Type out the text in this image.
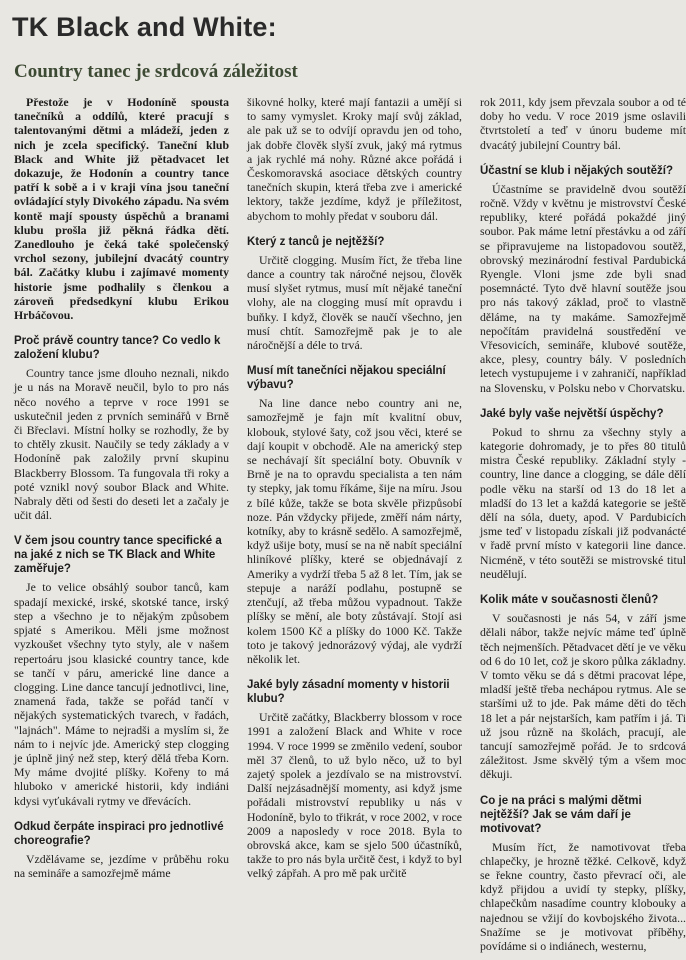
TK Black and White:
Country tanec je srdcová záležitost

Přestože je v Hodoníně spousta tanečníků a oddílů, které pracují s talentovanými dětmi a mládeží, jeden z nich je zcela specifický. Taneční klub Black and White již pětadvacet let dokazuje, že Hodonín a country tance patří k sobě a i v kraji vína jsou taneční ovládající styly Divokého západu. Na svém kontě mají spousty úspěchů a branami klubu prošla již pěkná řádka dětí. Zanedlouho je čeká také společenský vrchol sezony, jubilejní dvacátý country bál. Začátky klubu i zajímavé momenty historie jsme podhalily s členkou a zároveň předsedkyní klubu Erikou Hrbáčovou.

Proč právě country tance? Co vedlo k založení klubu?

Country tance jsme dlouho neznali, nikdo je u nás na Moravě neučil, bylo to pro nás něco nového a teprve v roce 1991 se uskutečnil jeden z prvních seminářů v Brně či Břeclavi. Místní holky se rozhodly, že by to chtěly zkusit. Naučily se tedy základy a v Hodoníně pak založily první skupinu Blackberry Blossom. Ta fungovala tři roky a poté vznikl nový soubor Black and White. Nabraly děti od šesti do deseti let a začaly je učit dál.

V čem jsou country tance specifické a na jaké z nich se TK Black and White zaměřuje?

Je to velice obsáhlý soubor tanců, kam spadají mexické, irské, skotské tance, irský step a všechno je to nějakým způsobem spjaté s Amerikou. Měli jsme možnost vyzkoušet všechny tyto styly, ale v našem repertoáru jsou klasické country tance, kde se tančí v páru, americké line dance a clogging. Line dance tancují jednotlivci, line, znamená řada, takže se pořád tančí v nějakých systematických tvarech, v řadách, "lajnách". Máme to nejradši a myslím si, že nám to i nejvíc jde. Americký step clogging je úplně jiný než step, který dělá třeba Korn. My máme dvojité plíšky. Kořeny to má hluboko v americké historii, kdy indiáni kdysi vyťukávali rytmy ve dřevácích.

Odkud čerpáte inspiraci pro jednotlivé choreografie?

Vzdělávame se, jezdíme v průběhu roku na semináře a samozřejmě máme

šikovné holky, které mají fantazii a umějí si to samy vymyslet. Kroky mají svůj základ, ale pak už se to odvíjí opravdu jen od toho, jak dobře člověk slyší zvuk, jaký má rytmus a jak rychlé má nohy. Různé akce pořádá i Českomoravská asociace dětských country tanečních skupin, která třeba zve i americké lektory, takže jezdíme, když je příležitost, abychom to mohly předat v souboru dál.

Který z tanců je nejtěžší?

Určitě clogging. Musím říct, že třeba line dance a country tak náročné nejsou, člověk musí slyšet rytmus, musí mít nějaké taneční vlohy, ale na clogging musí mít opravdu i buňky. I když, člověk se naučí všechno, jen musí chtít. Samozřejmě pak je to ale náročnější a déle to trvá.

Musí mít tanečníci nějakou speciální výbavu?

Na line dance nebo country ani ne, samozřejmě je fajn mít kvalitní obuv, klobouk, stylové šaty, což jsou věci, které se dají koupit v obchodě. Ale na americký step se nechávají šít speciální boty. Obuvník v Brně je na to opravdu specialista a ten nám ty stepky, jak tomu říkáme, šije na míru. Jsou z bílé kůže, takže se bota skvěle přizpůsobí noze. Pán vždycky přijede, změří nám nárty, kotníky, aby to krásně sedělo. A samozřejmě, když ušije boty, musí se na ně nabít speciální hliníkové plíšky, které se objednávají z Ameriky a vydrží třeba 5 až 8 let. Tím, jak se stepuje a naráží podlahu, postupně se ztenčují, až třeba můžou vypadnout. Takže plíšky se mění, ale boty zůstávají. Stojí asi kolem 1500 Kč a plíšky do 1000 Kč. Takže toto je takový jednorázový výdaj, ale vydrží několik let.

Jaké byly zásadní momenty v historii klubu?

Určitě začátky, Blackberry blossom v roce 1991 a založení Black and White v roce 1994. V roce 1999 se změnilo vedení, soubor měl 37 členů, to už bylo něco, už to byl zajetý spolek a jezdívalo se na mistrovství. Další nejzásadnější momenty, asi když jsme pořádali mistrovství republiky u nás v Hodoníně, bylo to třikrát, v roce 2002, v roce 2009 a naposledy v roce 2018. Byla to obrovská akce, kam se sjelo 500 účastníků, takže to pro nás byla určitě čest, i když to byl velký zápřah. A pro mě pak určitě

rok 2011, kdy jsem převzala soubor a od té doby ho vedu. V roce 2019 jsme oslavili čtvrtstoletí a teď v únoru budeme mít dvacátý jubilejní Country bál.

Účastní se klub i nějakých soutěží?

Účastníme se pravidelně dvou soutěží ročně. Vždy v květnu je mistrovství České republiky, které pořádá pokaždé jiný soubor. Pak máme letní přestávku a od září se připravujeme na listopadovou soutěž, obrovský mezinárodní festival Pardubická Ryengle. Vloni jsme zde byli snad posemnácté. Tyto dvě hlavní soutěže jsou pro nás takový základ, proč to vlastně děláme, na ty makáme. Samozřejmě nepočítám pravidelná soustředění ve Vřesovicích, semináře, klubové soutěže, akce, plesy, country bály. V posledních letech vystupujeme i v zahraničí, například na Slovensku, v Polsku nebo v Chorvatsku.

Jaké byly vaše největší úspěchy?

Pokud to shrnu za všechny styly a kategorie dohromady, je to přes 80 titulů mistra České republiky. Základní styly - country, line dance a clogging, se dále dělí podle věku na starší od 13 do 18 let a mladší do 13 let a každá kategorie se ještě dělí na sóla, duety, apod. V Pardubicích jsme teď v listopadu získali již podvanácté v řadě první místo v kategorii line dance. Nicméně, v této soutěži se mistrovské titul neudělují.

Kolik máte v současnosti členů?

V současnosti je nás 54, v září jsme dělali nábor, takže nejvíc máme teď úplně těch nejmenších. Pětadvacet dětí je ve věku od 6 do 10 let, což je skoro půlka základny. V tomto věku se dá s dětmi pracovat lépe, mladší ještě třeba nechápou rytmus. Ale se staršími už to jde. Pak máme děti do těch 18 let a pár nejstarších, kam patřím i já. Ti už jsou různě na školách, pracují, ale tancují samozřejmě pořád. Je to srdcová záležitost. Jsme skvělý tým a všem moc děkuji.

Co je na práci s malými dětmi nejtěžší? Jak se vám daří je motivovat?

Musím říct, že namotivovat třeba chlapečky, je hrozně těžké. Celkově, když se řekne country, často převrací oči, ale když přijdou a uvidí ty stepky, plíšky, chlapečkům nasadíme country kloboukу a najednou se vžijí do kovbojského života... Snažíme se je motivovat příběhy, povídáme si o indiánech, westernu,
